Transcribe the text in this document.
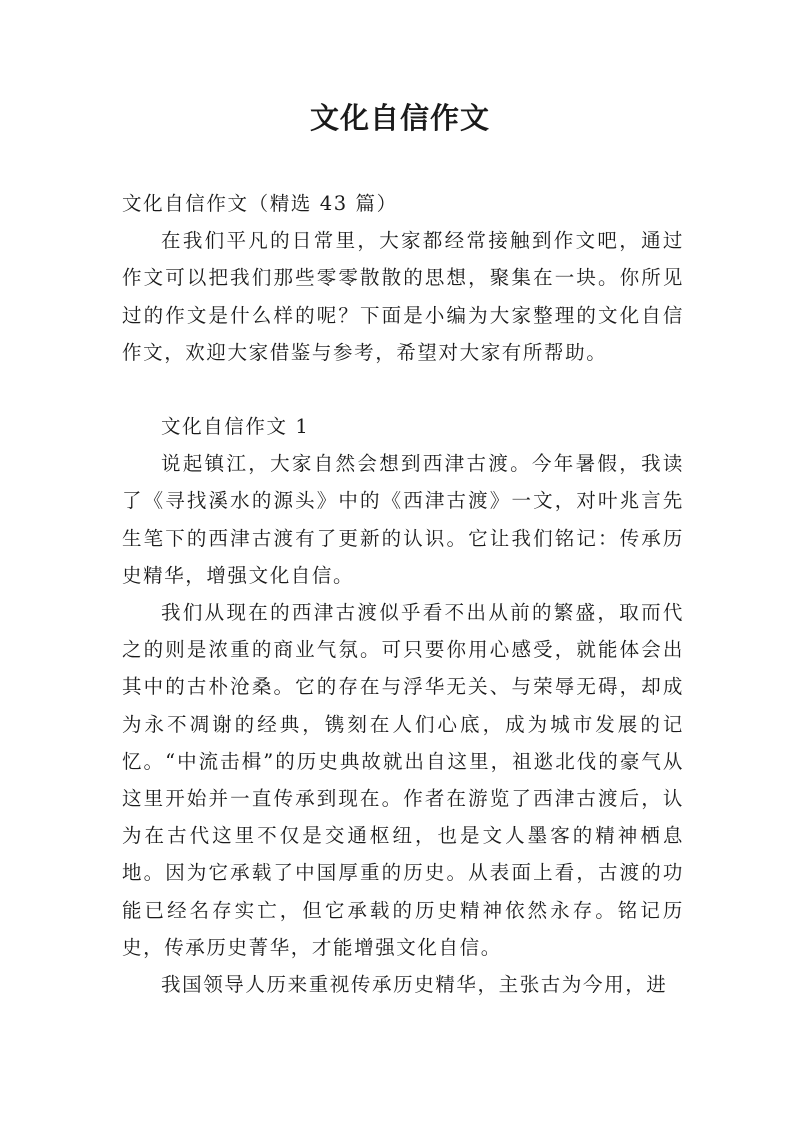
文化自信作文

文化自信作文（精选 43 篇）

在我们平凡的日常里，大家都经常接触到作文吧，通过作文可以把我们那些零零散散的思想，聚集在一块。你所见过的作文是什么样的呢？下面是小编为大家整理的文化自信作文，欢迎大家借鉴与参考，希望对大家有所帮助。

文化自信作文 1

说起镇江，大家自然会想到西津古渡。今年暑假，我读了《寻找溪水的源头》中的《西津古渡》一文，对叶兆言先生笔下的西津古渡有了更新的认识。它让我们铭记：传承历史精华，增强文化自信。

我们从现在的西津古渡似乎看不出从前的繁盛，取而代之的则是浓重的商业气氛。可只要你用心感受，就能体会出其中的古朴沧桑。它的存在与浮华无关、与荣辱无碍，却成为永不凋谢的经典，镌刻在人们心底，成为城市发展的记忆。“中流击楫”的历史典故就出自这里，祖逖北伐的豪气从这里开始并一直传承到现在。作者在游览了西津古渡后，认为在古代这里不仅是交通枢纽，也是文人墨客的精神栖息地。因为它承载了中国厚重的历史。从表面上看，古渡的功能已经名存实亡，但它承载的历史精神依然永存。铭记历史，传承历史菁华，才能增强文化自信。

我国领导人历来重视传承历史精华，主张古为今用，进
